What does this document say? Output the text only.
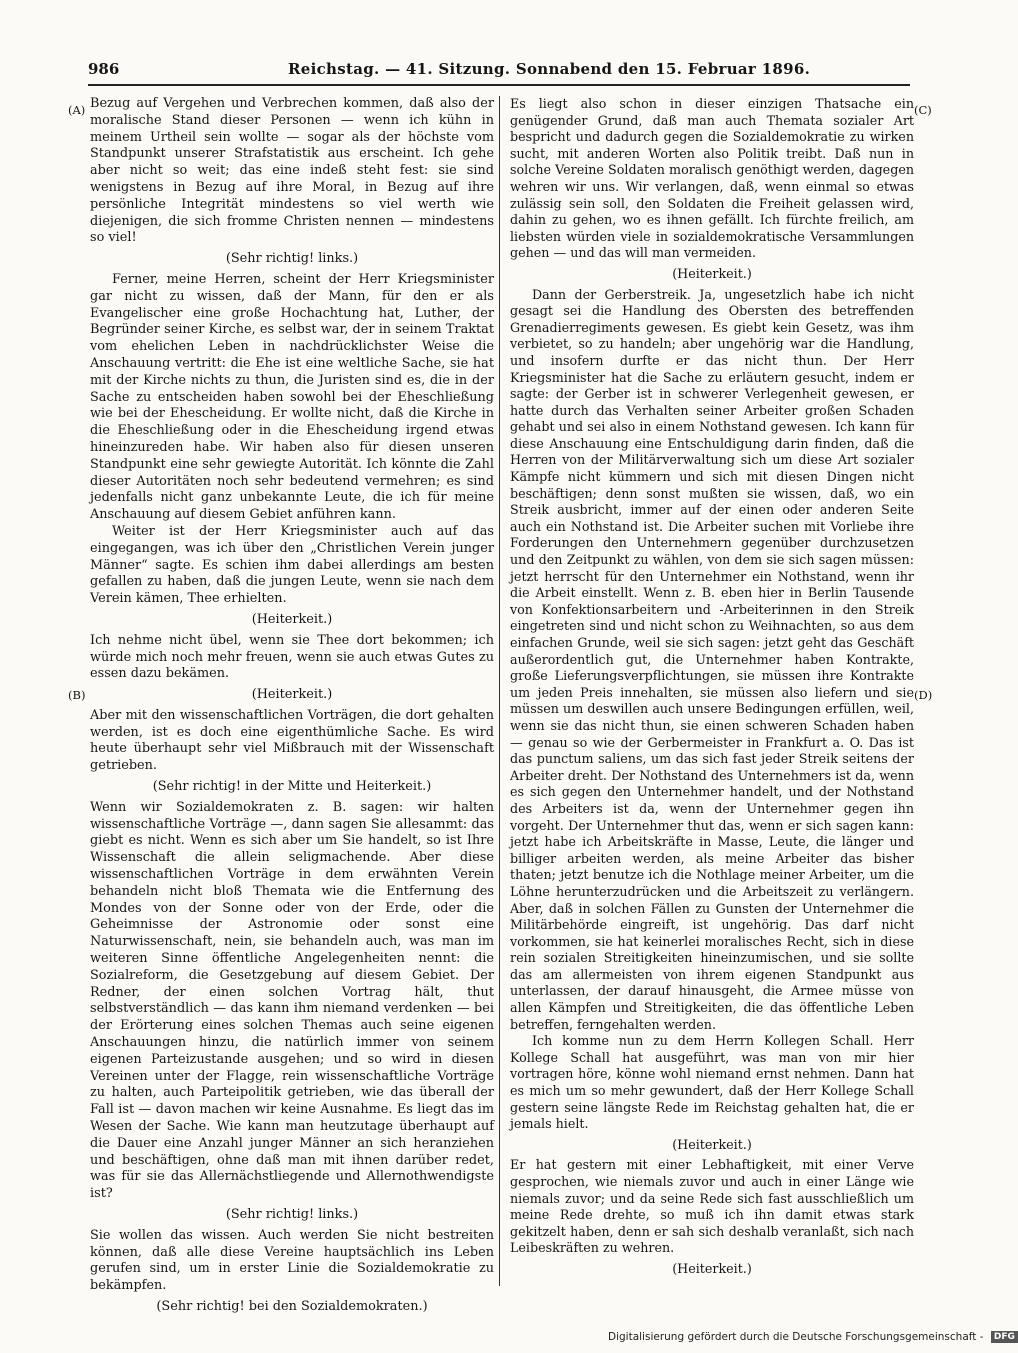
986	Reichstag. — 41. Sitzung. Sonnabend den 15. Februar 1896.
(A)
(B)
(C)
(D)

Bezug auf Vergehen und Verbrechen kommen, daß also der moralische Stand dieser Personen — wenn ich kühn in meinem Urtheil sein wollte — sogar als der höchste vom Standpunkt unserer Strafstatistik aus erscheint. Ich gehe aber nicht so weit; das eine indeß steht fest: sie sind wenigstens in Bezug auf ihre Moral, in Bezug auf ihre persönliche Integrität mindestens so viel werth wie diejenigen, die sich fromme Christen nennen — mindestens so viel!

(Sehr richtig! links.)

Ferner, meine Herren, scheint der Herr Kriegsminister gar nicht zu wissen, daß der Mann, für den er als Evangelischer eine große Hochachtung hat, Luther, der Begründer seiner Kirche, es selbst war, der in seinem Traktat vom ehelichen Leben in nachdrücklichster Weise die Anschauung vertritt: die Ehe ist eine weltliche Sache, sie hat mit der Kirche nichts zu thun, die Juristen sind es, die in der Sache zu entscheiden haben sowohl bei der Eheschließung wie bei der Ehescheidung. Er wollte nicht, daß die Kirche in die Eheschließung oder in die Ehescheidung irgend etwas hineinzureden habe. Wir haben also für diesen unseren Standpunkt eine sehr gewiegte Autorität. Ich könnte die Zahl dieser Autoritäten noch sehr bedeutend vermehren; es sind jedenfalls nicht ganz unbekannte Leute, die ich für meine Anschauung auf diesem Gebiet anführen kann.

Weiter ist der Herr Kriegsminister auch auf das eingegangen, was ich über den „Christlichen Verein junger Männer“ sagte. Es schien ihm dabei allerdings am besten gefallen zu haben, daß die jungen Leute, wenn sie nach dem Verein kämen, Thee erhielten.

(Heiterkeit.)

Ich nehme nicht übel, wenn sie Thee dort bekommen; ich würde mich noch mehr freuen, wenn sie auch etwas Gutes zu essen dazu bekämen.

(Heiterkeit.)

Aber mit den wissenschaftlichen Vorträgen, die dort gehalten werden, ist es doch eine eigenthümliche Sache. Es wird heute überhaupt sehr viel Mißbrauch mit der Wissenschaft getrieben.

(Sehr richtig! in der Mitte und Heiterkeit.)

Wenn wir Sozialdemokraten z. B. sagen: wir halten wissenschaftliche Vorträge —, dann sagen Sie allesammt: das giebt es nicht. Wenn es sich aber um Sie handelt, so ist Ihre Wissenschaft die allein seligmachende. Aber diese wissenschaftlichen Vorträge in dem erwähnten Verein behandeln nicht bloß Themata wie die Entfernung des Mondes von der Sonne oder von der Erde, oder die Geheimnisse der Astronomie oder sonst eine Naturwissenschaft, nein, sie behandeln auch, was man im weiteren Sinne öffentliche Angelegenheiten nennt: die Sozialreform, die Gesetzgebung auf diesem Gebiet. Der Redner, der einen solchen Vortrag hält, thut selbstverständlich — das kann ihm niemand verdenken — bei der Erörterung eines solchen Themas auch seine eigenen Anschauungen hinzu, die natürlich immer von seinem eigenen Parteizustande ausgehen; und so wird in diesen Vereinen unter der Flagge, rein wissenschaftliche Vorträge zu halten, auch Parteipolitik getrieben, wie das überall der Fall ist — davon machen wir keine Ausnahme. Es liegt das im Wesen der Sache. Wie kann man heutzutage überhaupt auf die Dauer eine Anzahl junger Männer an sich heranziehen und beschäftigen, ohne daß man mit ihnen darüber redet, was für sie das Allernächstliegende und Allernothwendigste ist?

(Sehr richtig! links.)

Sie wollen das wissen. Auch werden Sie nicht bestreiten können, daß alle diese Vereine hauptsächlich ins Leben gerufen sind, um in erster Linie die Sozialdemokratie zu bekämpfen.

(Sehr richtig! bei den Sozialdemokraten.)

Es liegt also schon in dieser einzigen Thatsache ein genügender Grund, daß man auch Themata sozialer Art bespricht und dadurch gegen die Sozialdemokratie zu wirken sucht, mit anderen Worten also Politik treibt. Daß nun in solche Vereine Soldaten moralisch genöthigt werden, dagegen wehren wir uns. Wir verlangen, daß, wenn einmal so etwas zulässig sein soll, den Soldaten die Freiheit gelassen wird, dahin zu gehen, wo es ihnen gefällt. Ich fürchte freilich, am liebsten würden viele in sozialdemokratische Versammlungen gehen — und das will man vermeiden.

(Heiterkeit.)

Dann der Gerberstreik. Ja, ungesetzlich habe ich nicht gesagt sei die Handlung des Obersten des betreffenden Grenadierregiments gewesen. Es giebt kein Gesetz, was ihm verbietet, so zu handeln; aber ungehörig war die Handlung, und insofern durfte er das nicht thun. Der Herr Kriegsminister hat die Sache zu erläutern gesucht, indem er sagte: der Gerber ist in schwerer Verlegenheit gewesen, er hatte durch das Verhalten seiner Arbeiter großen Schaden gehabt und sei also in einem Nothstand gewesen. Ich kann für diese Anschauung eine Entschuldigung darin finden, daß die Herren von der Militärverwaltung sich um diese Art sozialer Kämpfe nicht kümmern und sich mit diesen Dingen nicht beschäftigen; denn sonst mußten sie wissen, daß, wo ein Streik ausbricht, immer auf der einen oder anderen Seite auch ein Nothstand ist. Die Arbeiter suchen mit Vorliebe ihre Forderungen den Unternehmern gegenüber durchzusetzen und den Zeitpunkt zu wählen, von dem sie sich sagen müssen: jetzt herrscht für den Unternehmer ein Nothstand, wenn ihr die Arbeit einstellt. Wenn z. B. eben hier in Berlin Tausende von Konfektionsarbeitern und -Arbeiterinnen in den Streik eingetreten sind und nicht schon zu Weihnachten, so aus dem einfachen Grunde, weil sie sich sagen: jetzt geht das Geschäft außerordentlich gut, die Unternehmer haben Kontrakte, große Lieferungsverpflichtungen, sie müssen ihre Kontrakte um jeden Preis innehalten, sie müssen also liefern und sie müssen um deswillen auch unsere Bedingungen erfüllen, weil, wenn sie das nicht thun, sie einen schweren Schaden haben — genau so wie der Gerbermeister in Frankfurt a. O. Das ist das punctum saliens, um das sich fast jeder Streik seitens der Arbeiter dreht. Der Nothstand des Unternehmers ist da, wenn es sich gegen den Unternehmer handelt, und der Nothstand des Arbeiters ist da, wenn der Unternehmer gegen ihn vorgeht. Der Unternehmer thut das, wenn er sich sagen kann: jetzt habe ich Arbeitskräfte in Masse, Leute, die länger und billiger arbeiten werden, als meine Arbeiter das bisher thaten; jetzt benutze ich die Nothlage meiner Arbeiter, um die Löhne herunterzudrücken und die Arbeitszeit zu verlängern. Aber, daß in solchen Fällen zu Gunsten der Unternehmer die Militärbehörde eingreift, ist ungehörig. Das darf nicht vorkommen, sie hat keinerlei moralisches Recht, sich in diese rein sozialen Streitigkeiten hineinzumischen, und sie sollte das am allermeisten von ihrem eigenen Standpunkt aus unterlassen, der darauf hinausgeht, die Armee müsse von allen Kämpfen und Streitigkeiten, die das öffentliche Leben betreffen, ferngehalten werden.

Ich komme nun zu dem Herrn Kollegen Schall. Herr Kollege Schall hat ausgeführt, was man von mir hier vortragen höre, könne wohl niemand ernst nehmen. Dann hat es mich um so mehr gewundert, daß der Herr Kollege Schall gestern seine längste Rede im Reichstag gehalten hat, die er jemals hielt.

(Heiterkeit.)

Er hat gestern mit einer Lebhaftigkeit, mit einer Verve gesprochen, wie niemals zuvor und auch in einer Länge wie niemals zuvor; und da seine Rede sich fast ausschließlich um meine Rede drehte, so muß ich ihn damit etwas stark gekitzelt haben, denn er sah sich deshalb veranlaßt, sich nach Leibeskräften zu wehren.

(Heiterkeit.)

Digitalisierung gefördert durch die Deutsche Forschungsgemeinschaft - DFG
